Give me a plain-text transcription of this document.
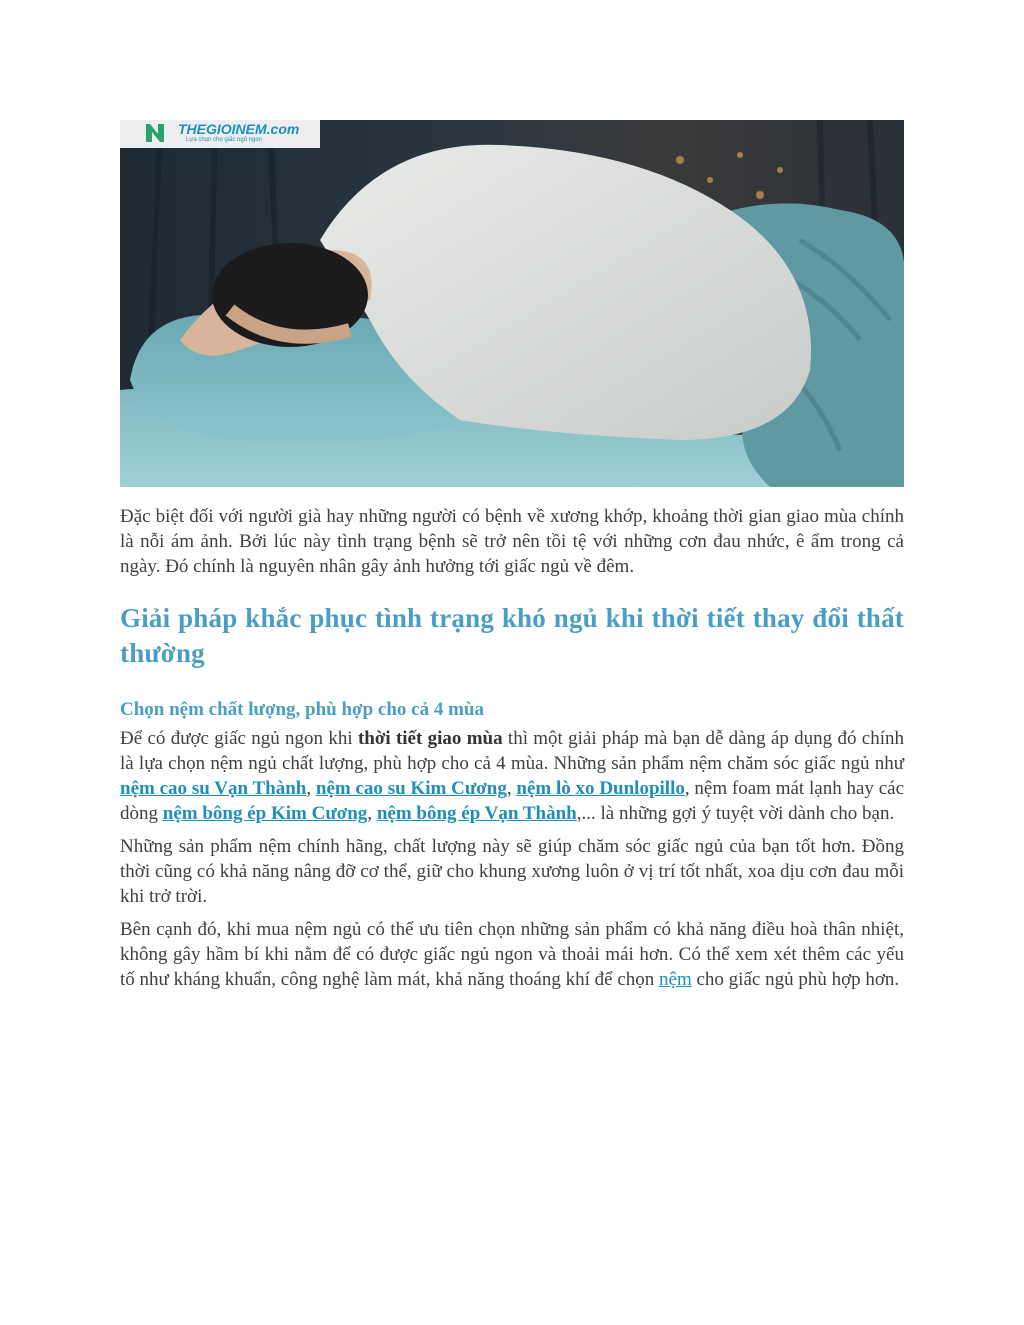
THEGIOINEM.com
Lựa chọn cho giấc ngủ ngon

Đặc biệt đối với người già hay những người có bệnh về xương khớp, khoảng thời gian giao mùa chính là nỗi ám ảnh. Bởi lúc này tình trạng bệnh sẽ trở nên tồi tệ với những cơn đau nhức, ê ẩm trong cả ngày. Đó chính là nguyên nhân gây ảnh hưởng tới giấc ngủ về đêm.

Giải pháp khắc phục tình trạng khó ngủ khi thời tiết thay đổi thất thường
Chọn nệm chất lượng, phù hợp cho cả 4 mùa

Để có được giấc ngủ ngon khi thời tiết giao mùa thì một giải pháp mà bạn dễ dàng áp dụng đó chính là lựa chọn nệm ngủ chất lượng, phù hợp cho cả 4 mùa. Những sản phẩm nệm chăm sóc giấc ngủ như nệm cao su Vạn Thành, nệm cao su Kim Cương, nệm lò xo Dunlopillo, nệm foam mát lạnh hay các dòng nệm bông ép Kim Cương, nệm bông ép Vạn Thành,... là những gợi ý tuyệt vời dành cho bạn.

Những sản phẩm nệm chính hãng, chất lượng này sẽ giúp chăm sóc giấc ngủ của bạn tốt hơn. Đồng thời cũng có khả năng nâng đỡ cơ thể, giữ cho khung xương luôn ở vị trí tốt nhất, xoa dịu cơn đau mỗi khi trở trời.

Bên cạnh đó, khi mua nệm ngủ có thể ưu tiên chọn những sản phẩm có khả năng điều hoà thân nhiệt, không gây hầm bí khi nằm để có được giấc ngủ ngon và thoải mái hơn. Có thể xem xét thêm các yếu tố như kháng khuẩn, công nghệ làm mát, khả năng thoáng khí để chọn nệm cho giấc ngủ phù hợp hơn.
